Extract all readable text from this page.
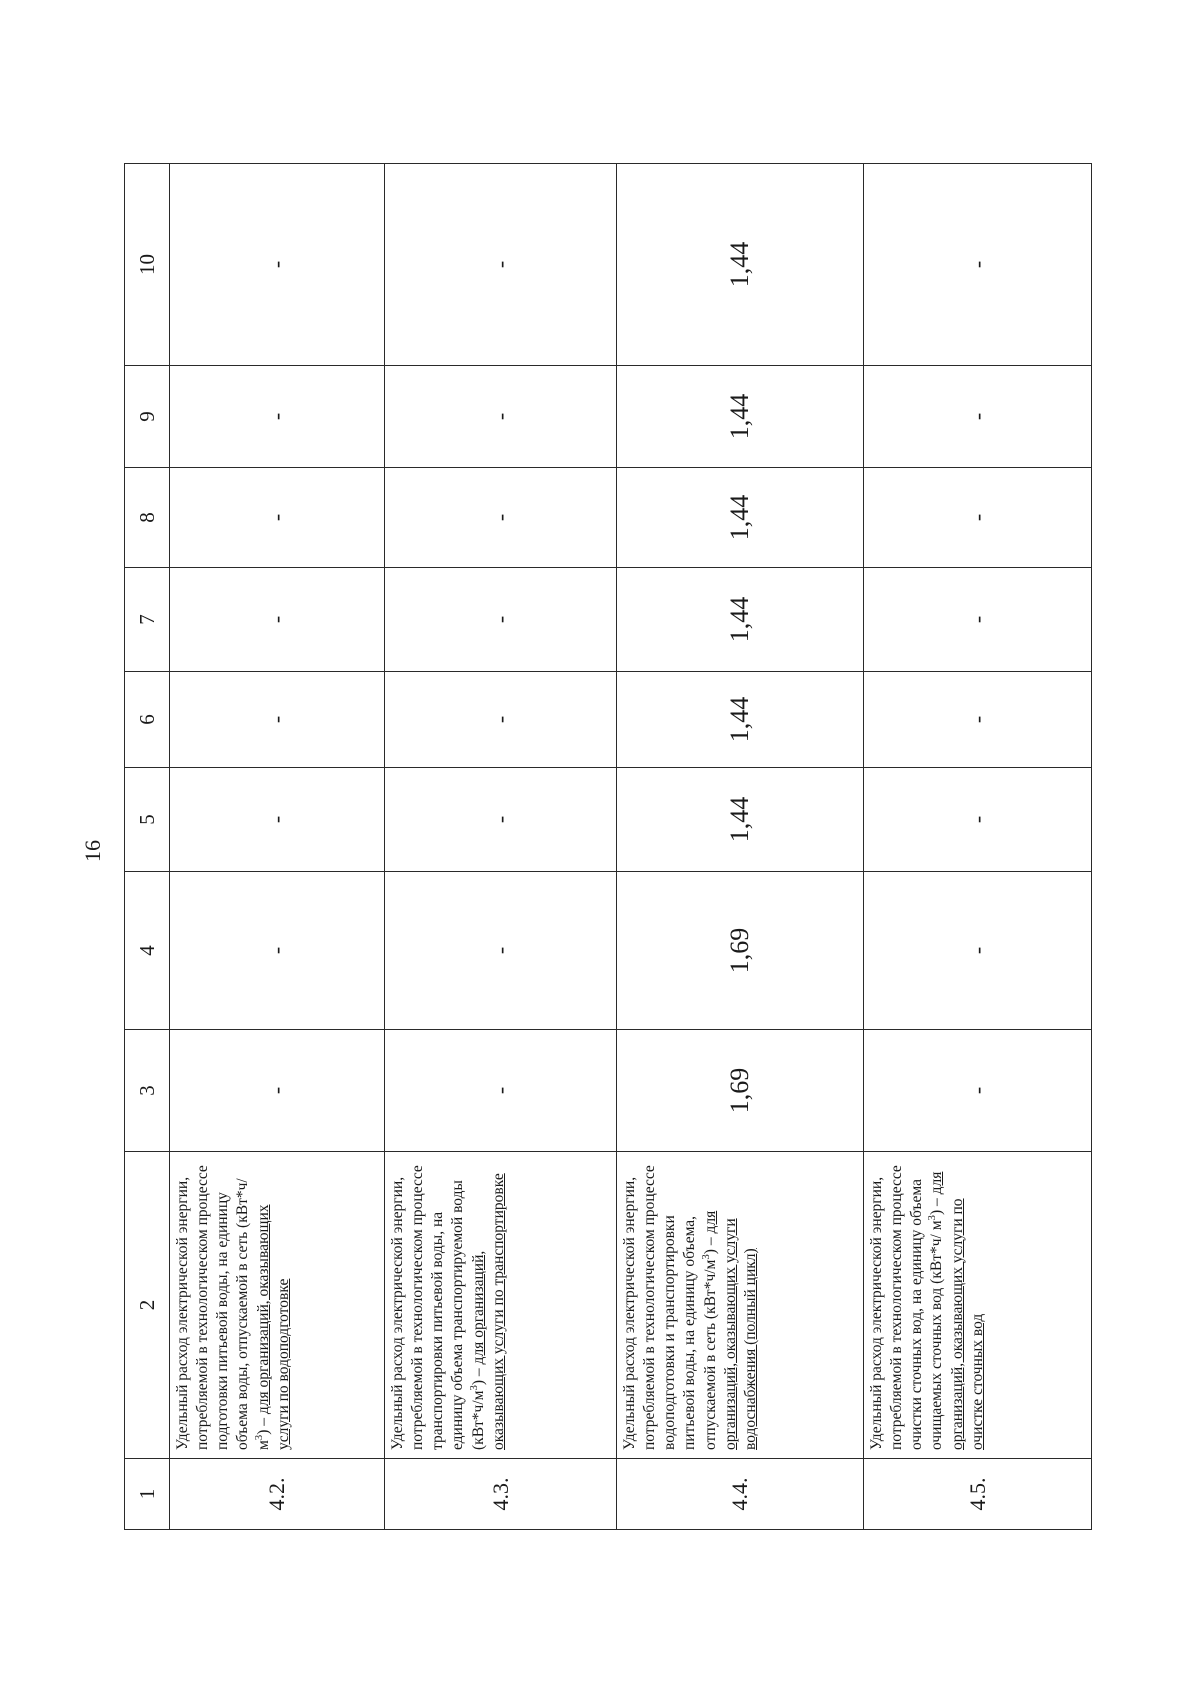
16
1	2	3	4	5	6	7	8	9	10
4.2.	Удельный расход электрической энергии, потребляемой в технологическом процессе подготовки питьевой воды, на единицу объема воды, отпускаемой в сеть $(кВт*ч/м^3)$ – для организаций, оказывающих услуги по водоподготовке	-	-	-	-	-	-	-	-
4.3.	Удельный расход электрической энергии, потребляемой в технологическом процессе транспортировки питьевой воды, на единицу объема транспортируемой воды $(кВт*ч/м^3)$ – для организаций, оказывающих услуги по транспортировке	-	-	-	-	-	-	-	-
4.4.	Удельный расход электрической энергии, потребляемой в технологическом процессе водоподготовки и транспортировки питьевой воды, на единицу объема, отпускаемой в сеть $(кВт*ч/м^3)$ – для организаций, оказывающих услуги водоснабжения (полный цикл)	1,69	1,69	1,44	1,44	1,44	1,44	1,44	1,44
4.5.	Удельный расход электрической энергии, потребляемой в технологическом процессе очистки сточных вод, на единицу объема очищаемых сточных вод (кВт*ч/ $м^3$) – для организаций, оказывающих услуги по очистке сточных вод	-	-	-	-	-	-	-	-
